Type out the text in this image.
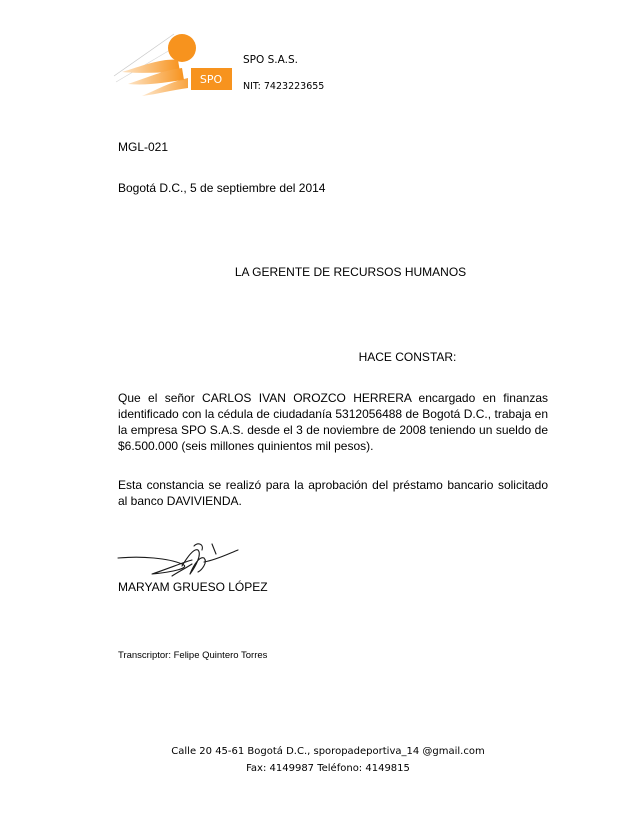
SPO
SPO S.A.S.
NIT: 7423223655
MGL-021
Bogotá D.C., 5 de septiembre del 2014
LA GERENTE DE RECURSOS HUMANOS
HACE CONSTAR:
Que el señor CARLOS IVAN OROZCO HERRERA encargado en finanzas identificado con la cédula de ciudadanía 5312056488 de Bogotá D.C., trabaja en la empresa SPO S.A.S. desde el 3 de noviembre de 2008 teniendo un sueldo de $6.500.000 (seis millones quinientos mil pesos).
Esta constancia se realizó para la aprobación del préstamo bancario solicitado al banco DAVIVIENDA.
MARYAM GRUESO LÓPEZ
Transcriptor: Felipe Quintero Torres
Calle 20 45-61 Bogotá D.C., sporopadeportiva_14 @gmail.com
Fax: 4149987 Teléfono: 4149815
